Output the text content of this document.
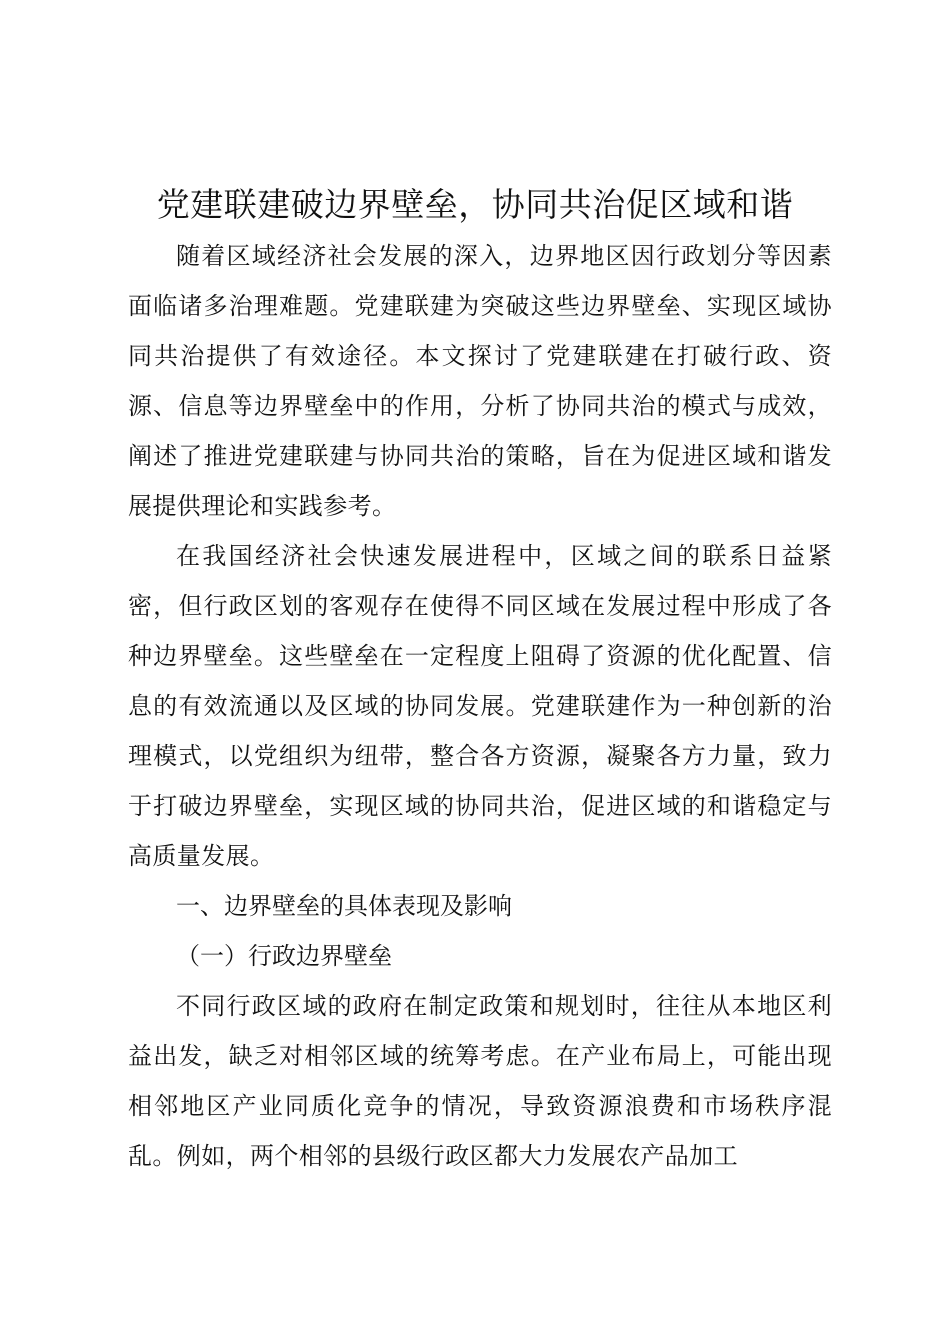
党建联建破边界壁垒，协同共治促区域和谐

随着区域经济社会发展的深入，边界地区因行政划分等因素面临诸多治理难题。党建联建为突破这些边界壁垒、实现区域协同共治提供了有效途径。本文探讨了党建联建在打破行政、资源、信息等边界壁垒中的作用，分析了协同共治的模式与成效，阐述了推进党建联建与协同共治的策略，旨在为促进区域和谐发展提供理论和实践参考。

在我国经济社会快速发展进程中，区域之间的联系日益紧密，但行政区划的客观存在使得不同区域在发展过程中形成了各种边界壁垒。这些壁垒在一定程度上阻碍了资源的优化配置、信息的有效流通以及区域的协同发展。党建联建作为一种创新的治理模式，以党组织为纽带，整合各方资源，凝聚各方力量，致力于打破边界壁垒，实现区域的协同共治，促进区域的和谐稳定与高质量发展。

一、边界壁垒的具体表现及影响

（一）行政边界壁垒

不同行政区域的政府在制定政策和规划时，往往从本地区利益出发，缺乏对相邻区域的统筹考虑。在产业布局上，可能出现相邻地区产业同质化竞争的情况，导致资源浪费和市场秩序混乱。例如，两个相邻的县级行政区都大力发展农产品加工
